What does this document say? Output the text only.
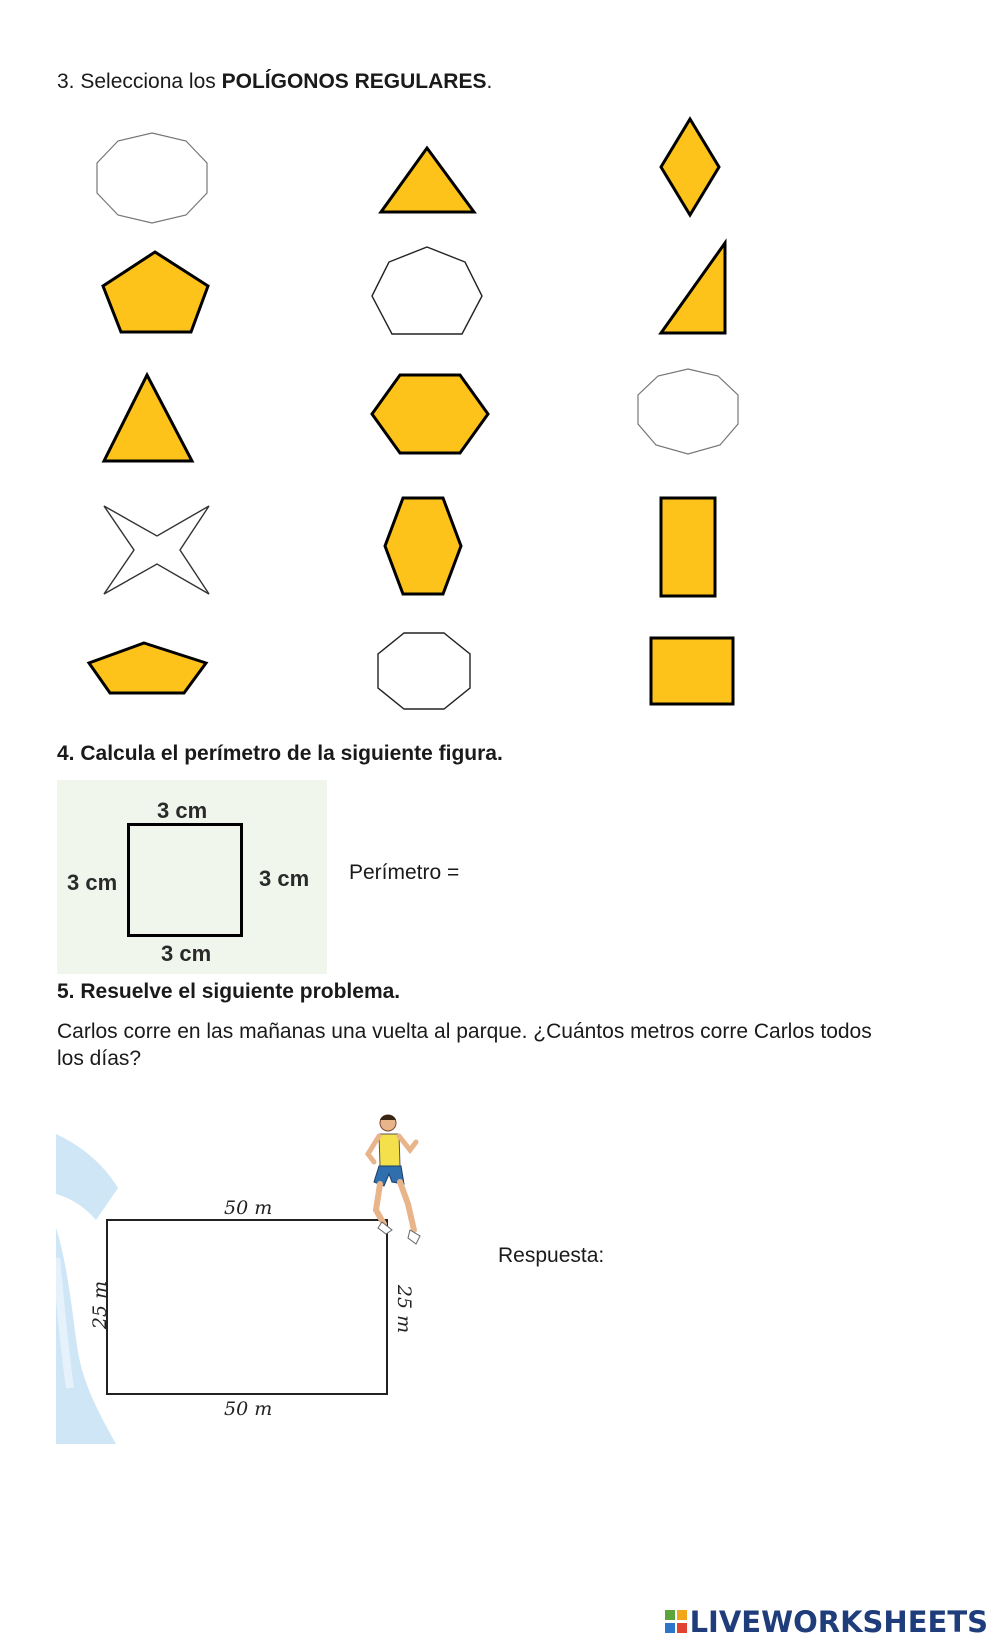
3. Selecciona los POLÍGONOS REGULARES.
4. Calcula el perímetro de la siguiente figura.
3 cm
3 cm	3 cm
3 cm
Perímetro =
5. Resuelve el siguiente problema.
Carlos corre en las mañanas una vuelta al parque. ¿Cuántos metros corre Carlos todos los días?
50 m
50 m
25 m	25 m
Respuesta:
LIVEWORKSHEETS
